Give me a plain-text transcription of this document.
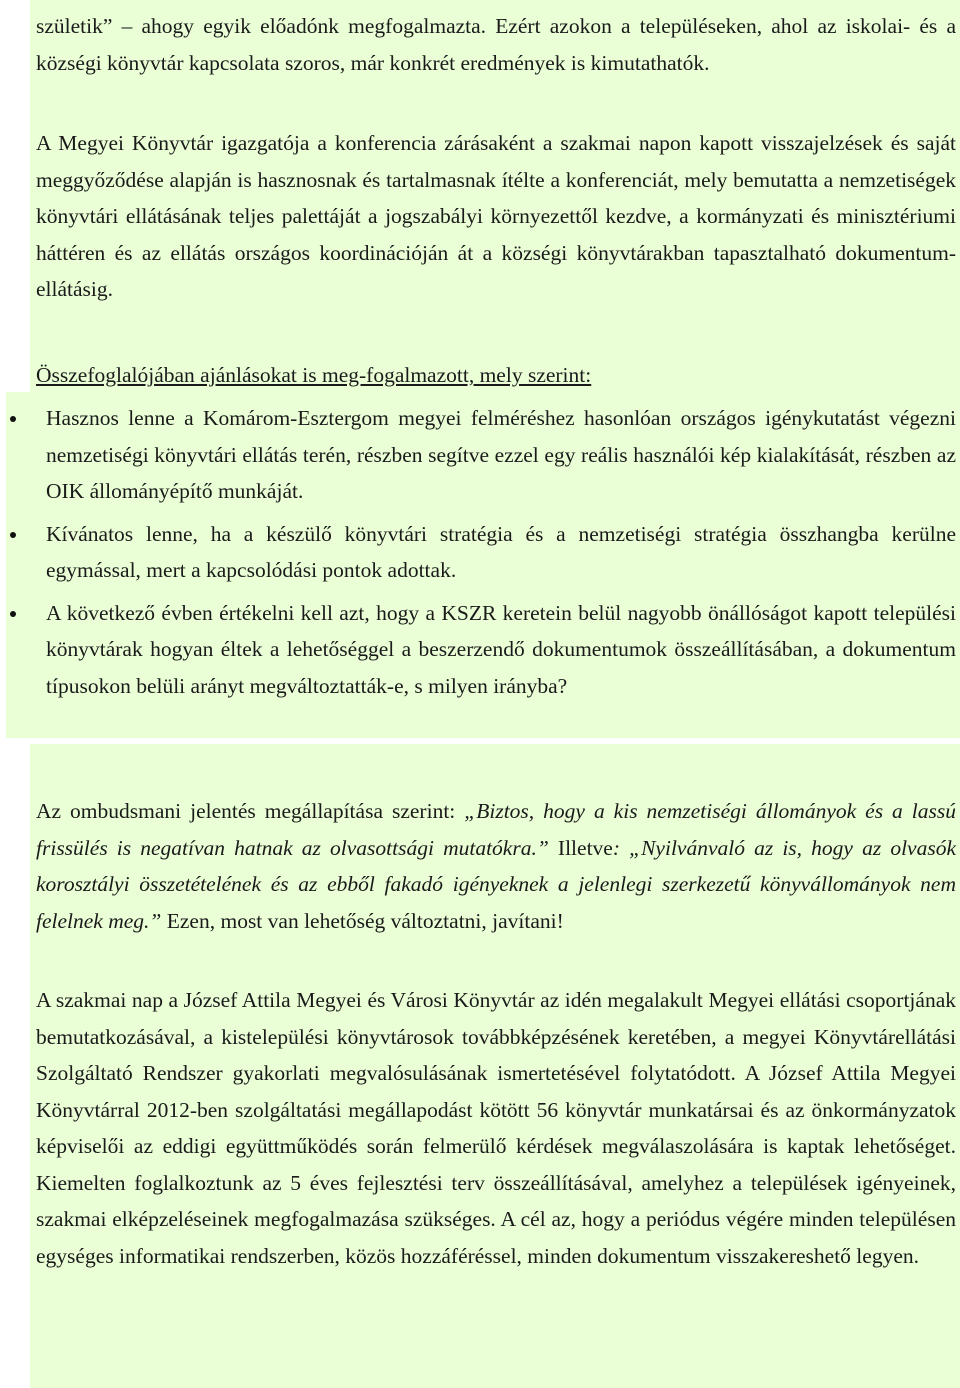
születik” – ahogy egyik előadónk megfogalmazta. Ezért azokon a településeken, ahol az iskolai- és a községi könyvtár kapcsolata szoros, már konkrét eredmények is kimutathatók.

A Megyei Könyvtár igazgatója a konferencia zárásaként a szakmai napon kapott visszajelzések és saját meggyőződése alapján is hasznosnak és tartalmasnak ítélte a konferenciát, mely bemutatta a nemzetiségek könyvtári ellátásának teljes palettáját a jogszabályi környezettől kezdve, a kormányzati és minisztériumi háttéren és az ellátás országos koordinációján át a községi könyvtárakban tapasztalható dokumentum-ellátásig.

Összefoglalójában ajánlásokat is meg-fogalmazott, mely szerint:

Hasznos lenne a Komárom-Esztergom megyei felméréshez hasonlóan országos igénykutatást végezni nemzetiségi könyvtári ellátás terén, részben segítve ezzel egy reális használói kép kialakítását, részben az OIK állományépítő munkáját.
Kívánatos lenne, ha a készülő könyvtári stratégia és a nemzetiségi stratégia összhangba kerülne egymással, mert a kapcsolódási pontok adottak.
A következő évben értékelni kell azt, hogy a KSZR keretein belül nagyobb önállóságot kapott települési könyvtárak hogyan éltek a lehetőséggel a beszerzendő dokumentumok összeállításában, a dokumentum típusokon belüli arányt megváltoztatták-e, s milyen irányba?

Az ombudsmani jelentés megállapítása szerint: „Biztos, hogy a kis nemzetiségi állományok és a lassú frissülés is negatívan hatnak az olvasottsági mutatókra.” Illetve: „Nyilvánvaló az is, hogy az olvasók korosztályi összetételének és az ebből fakadó igényeknek a jelenlegi szerkezetű könyvállományok nem felelnek meg.” Ezen, most van lehetőség változtatni, javítani!

A szakmai nap a József Attila Megyei és Városi Könyvtár az idén megalakult Megyei ellátási csoportjának bemutatkozásával, a kistelepülési könyvtárosok továbbképzésének keretében, a megyei Könyvtárellátási Szolgáltató Rendszer gyakorlati megvalósulásának ismertetésével folytatódott. A József Attila Megyei Könyvtárral 2012-ben szolgáltatási megállapodást kötött 56 könyvtár munkatársai és az önkormányzatok képviselői az eddigi együttműködés során felmerülő kérdések megválaszolására is kaptak lehetőséget. Kiemelten foglalkoztunk az 5 éves fejlesztési terv összeállításával, amelyhez a települések igényeinek, szakmai elképzeléseinek megfogalmazása szükséges. A cél az, hogy a periódus végére minden településen egységes informatikai rendszerben, közös hozzáféréssel, minden dokumentum visszakereshető legyen.
